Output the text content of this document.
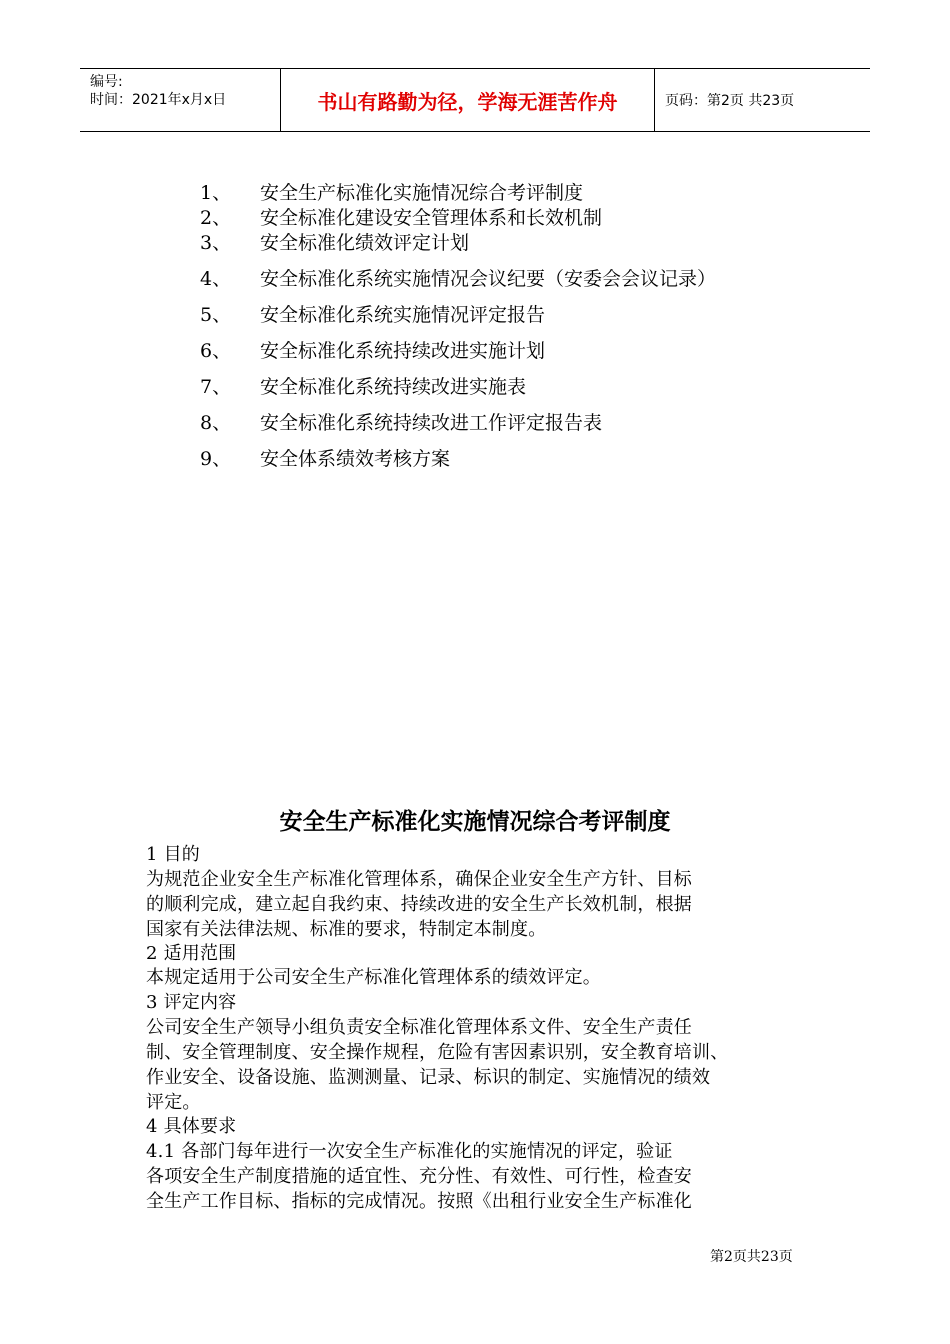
编号:
时间：2021年x月x日	书山有路勤为径，学海无涯苦作舟	页码：第2页 共23页
1、 安全生产标准化实施情况综合考评制度
2、 安全标准化建设安全管理体系和长效机制
3、 安全标准化绩效评定计划
4、 安全标准化系统实施情况会议纪要（安委会会议记录）
5、 安全标准化系统实施情况评定报告
6、 安全标准化系统持续改进实施计划
7、 安全标准化系统持续改进实施表
8、 安全标准化系统持续改进工作评定报告表
9、 安全体系绩效考核方案
安全生产标准化实施情况综合考评制度
1 目的
为规范企业安全生产标准化管理体系，确保企业安全生产方针、目标
的顺利完成，建立起自我约束、持续改进的安全生产长效机制，根据
国家有关法律法规、标准的要求，特制定本制度。
2 适用范围
本规定适用于公司安全生产标准化管理体系的绩效评定。
3 评定内容
公司安全生产领导小组负责安全标准化管理体系文件、安全生产责任
制、安全管理制度、安全操作规程，危险有害因素识别，安全教育培训、
作业安全、设备设施、监测测量、记录、标识的制定、实施情况的绩效
评定。
4 具体要求
4.1 各部门每年进行一次安全生产标准化的实施情况的评定，验证
各项安全生产制度措施的适宜性、充分性、有效性、可行性，检查安
全生产工作目标、指标的完成情况。按照《出租行业安全生产标准化
第2页共23页
